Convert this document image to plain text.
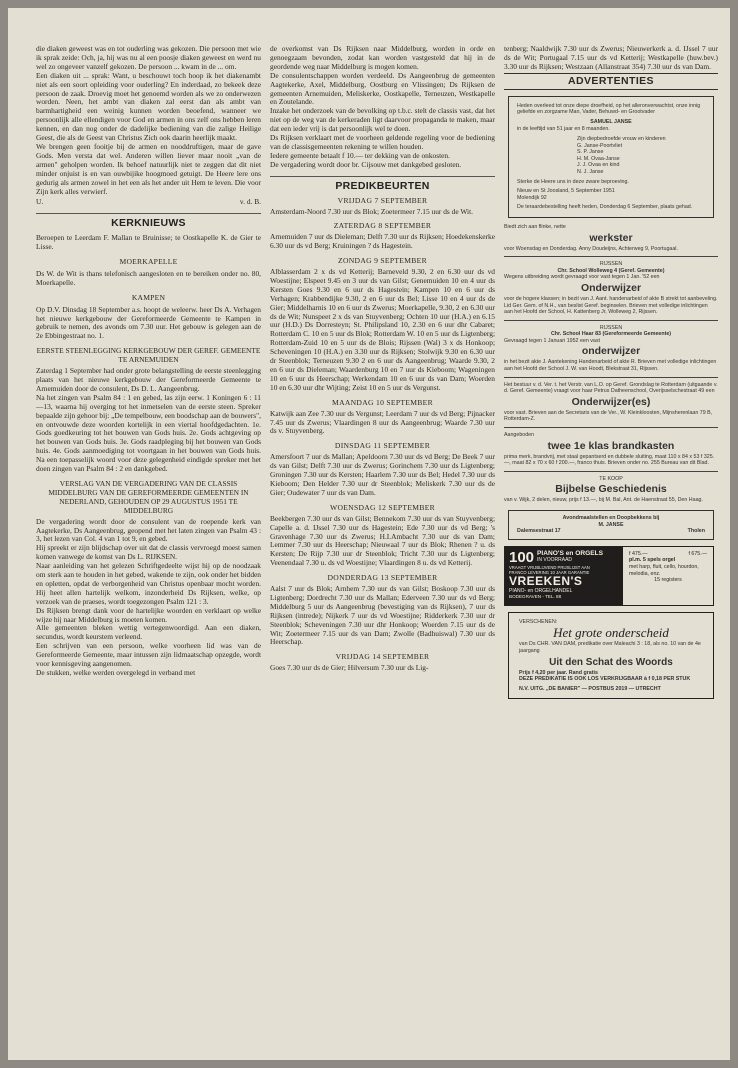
die diaken geweest was en tot ouderling was gekozen. Die persoon met wie ik sprak zeide: Och, ja, hij was nu al een poosje diaken geweest en werd nu wel zo ongeveer vanzelf gekozen. De persoon ... kwam in de ... om.

Een diaken uit ... sprak: Want, u beschouwt toch hoop ik het diakenambt niet als een soort opleiding voor ouderling? En inderdaad, zo bekeek deze persoon de zaak. Droevig moet het genoemd worden als we zo onderwezen worden. Neen, het ambt van diaken zal eerst dan als ambt van barmhartigheid een weinig kunnen worden beoefend, wanneer we persoonlijk alle ellendigen voor God en armen in ons zelf ons hebben leren kennen, en dan nog onder de dadelijke bediening van die zalige Heilige Geest, die als de Geest van Christus Zich ook daarin heerlijk maakt.

We brengen geen fooitje bij de armen en nooddruftigen, maar de gave Gods. Men versta dat wel. Anderen willen liever maar nooit „van de armen" geholpen worden. Ik behoef natuurlijk niet te zeggen dat dit niet minder onjuist is en van ouwbijike hoogmoed getuigt. De Heere lere ons gedurig als armen zowel in het een als het ander uit Hem te leven. Die voor Zijn kerk alles verwierf.

U.	v. d. B.
KERKNIEUWS

Beroepen te Leerdam F. Mallan te Bruinisse; te Oostkapelle K. de Gier te Lisse.

MOERKAPELLE

Ds W. de Wit is thans telefonisch aangesloten en te bereiken onder no. 80, Moerkapelle.

KAMPEN

Op D.V. Dinsdag 18 September a.s. hoopt de weleerw. heer Ds A. Verhagen het nieuwe kerkgebouw der Gereformeerde Gemeente te Kampen in gebruik te nemen, des avonds om 7.30 uur. Het gebouw is gelegen aan de 2e Ebbingestraat no. 1.

EERSTE STEENLEGGING KERKGEBOUW DER GEREF. GEMEENTE TE ARNEMUIDEN

Zaterdag 1 September had onder grote belangstelling de eerste steenlegging plaats van het nieuwe kerkgebouw der Gereformeerde Gemeente te Arnemuiden door de consulent, Ds D. L. Aangeenbrug.

Na het zingen van Psalm 84 : 1 en gebed, las zijn eerw. 1 Koningen 6 : 11—13, waarna hij overging tot het inmetselen van de eerste steen. Spreker bepaalde zijn gehoor bij: „De tempelbouw, een boodschap aan de bouwers", en ontvouwde deze woorden kortelijk in een viertal hoofdgedachten. 1e. Gods goedkeuring tot het bouwen van Gods huis. 2e. Gods achtgeving op het bouwen van Gods huis. 3e. Gods raadpleging bij het bouwen van Gods huis. 4e. Gods aanmoediging tot voortgaan in het bouwen van Gods huis. Na een toepasselijk woord voor deze gelegenheid eindigde spreker met het doen zingen van Psalm 84 : 2 en dankgebed.

VERSLAG VAN DE VERGADERING VAN DE CLASSIS MIDDELBURG VAN DE GEREFORMEERDE GEMEENTEN IN NEDERLAND, GEHOUDEN OP 29 AUGUSTUS 1951 TE MIDDELBURG

De vergadering wordt door de consulent van de roepende kerk van Aagtekerke, Ds Aangeenbrug, geopend met het laten zingen van Psalm 43 : 3, het lezen van Col. 4 van 1 tot 9, en gebed.

Hij spreekt er zijn blijdschap over uit dat de classis vervroegd moest samen komen vanwege de komst van Ds L. RIJKSEN.

Naar aanleiding van het gelezen Schriftgedeelte wijst hij op de noodzaak om sterk aan te houden in het gebed, wakende te zijn, ook onder het bidden en opletten, opdat de verborgenheid van Christus openbaar mocht worden. Hij heet allen hartelijk welkom, inzonderheid Ds Rijksen, welke, op verzoek van de praeses, wordt toegezongen Psalm 121 : 3.

Ds Rijksen brengt dank voor de hartelijke woorden en verklaart op welke wijze hij naar Middelburg is moeten komen.

Alle gemeenten bleken wettig vertegenwoordigd. Aan een diaken, secundus, wordt keurstem verleend.

Een schrijven van een persoon, welke voorheen lid was van de Gereformeerde Gemeente, maar intussen zijn lidmaatschap opzegde, wordt voor kennisgeving aangenomen.

De stukken, welke werden overgelegd in verband met

de overkomst van Ds Rijksen naar Middelburg, worden in orde en genoegzaam bevonden, zodat kan worden vastgesteld dat hij in de geordende weg naar Middelburg is mogen komen.

De consulentschappen worden verdeeld. Ds Aangeenbrug de gemeenten Aagtekerke, Axel, Middelburg, Oostburg en Vlissingen; Ds Rijksen de gemeenten Arnemuiden, Meliskerke, Oostkapelle, Terneuzen, Westkapelle en Zoutelande.

Inzake het onderzoek van de bevolking op t.b.c. stelt de classis vast, dat het niet op de weg van de kerkeraden ligt daarvoor propaganda te maken, maar dat een ieder vrij is dat persoonlijk wel te doen.

Ds Rijksen verklaart met de voorheen geldende regeling voor de bediening van de classisgemeenten rekening te willen houden.

Iedere gemeente betaalt f 10.— ter dekking van de onkosten.

De vergadering wordt door br. Cijsouw met dankgebed gesloten.

PREDIKBEURTEN
VRIJDAG 7 SEPTEMBER

Amsterdam-Noord 7.30 uur ds Blok; Zoetermeer 7.15 uur ds de Wit.

ZATERDAG 8 SEPTEMBER

Arnemuiden 7 uur ds Dieleman; Delft 7.30 uur ds Rijksen; Hoedekenskerke 6.30 uur ds vd Berg; Kruiningen ? ds Hagestein.

ZONDAG 9 SEPTEMBER

Alblasserdam 2 x ds vd Ketterij; Barneveld 9.30, 2 en 6.30 uur ds vd Woestijne; Elspeet 9.45 en 3 uur ds van Gilst; Genemuiden 10 en 4 uur ds Kersten Goes 9.30 en 6 uur ds Hagestein; Kampen 10 en 6 uur ds Verhagen; Krabbendijke 9.30, 2 en 6 uur ds Bel; Lisse 10 en 4 uur ds de Gier; Middelharnis 10 en 6 uur ds Zwerus; Moerkapelle, 9.30, 2 en 6.30 uur ds de Wit; Nunspeet 2 x ds van Stuyvenberg; Ochten 10 uur (H.A.) en 6.15 uur (H.D.) Ds Dorresteyn; St. Philipsland 10, 2.30 en 6 uur dhr Cabaret; Rotterdam C. 10 en 5 uur ds Blok; Rotterdam W. 10 en 5 uur ds Ligtenberg; Rotterdam-Zuid 10 en 5 uur ds de Blois; Rijssen (Wal) 3 x ds Honkoop; Scheveningen 10 (H.A.) en 3.30 uur ds Rijksen; Stolwijk 9.30 en 6.30 uur dr Steenblok; Terneuzen 9.30 2 en 6 uur ds Aangeenbrug; Waarde 9.30, 2 en 6 uur ds Dieleman; Waardenburg 10 en 7 uur ds Kieboom; Wageningen 10 en 6 uur ds Heerschap; Werkendam 10 en 6 uur ds van Dam; Woerden 10 en 6.30 uur dhr Wijting; Zeist 10 en 5 uur ds Vergunst.

MAANDAG 10 SEPTEMBER

Katwijk aan Zee 7.30 uur ds Vergunst; Leerdam 7 uur ds vd Berg; Pijnacker 7.45 uur ds Zwerus; Vlaardingen 8 uur ds Aangeenbrug; Waarde 7.30 uur ds v. Stuyvenberg.

DINSDAG 11 SEPTEMBER

Amersfoort 7 uur ds Mallan; Apeldoorn 7.30 uur ds vd Berg; De Beek 7 uur ds van Gilst; Delft 7.30 uur ds Zwerus; Gorinchem 7.30 uur ds Ligtenberg; Groningen 7.30 uur ds Kersten; Haarlem 7.30 uur ds Bel; Hedel 7.30 uur ds Kieboom; Den Helder 7.30 uur dr Steenblok; Meliskerk 7.30 uur ds de Gier; Oudewater 7 uur ds van Dam.

WOENSDAG 12 SEPTEMBER

Beekbergen 7.30 uur ds van Gilst; Bennekom 7.30 uur ds van Stuyvenberg; Capelle a. d. IJssel 7.30 uur ds Hagestein; Ede 7.30 uur ds vd Berg; 's Gravenhage 7.30 uur ds Zwerus; H.I.Ambacht 7.30 uur ds van Dam; Lemmer 7.30 uur ds Heerschap; Nieuwaal 7 uur ds Blok; Rhenen ? u. ds Kersten; De Rijp 7.30 uur dr Steenblok; Tricht 7.30 uur ds Ligtenberg; Veenendaal 7.30 u. ds vd Woestijne; Vlaardingen 8 u. ds vd Ketterij.

DONDERDAG 13 SEPTEMBER

Aalst 7 uur ds Blok; Arnhem 7.30 uur ds van Gilst; Boskoop 7.30 uur ds Ligtenberg; Dordrecht 7.30 uur ds Mallan; Ederveen 7.30 uur ds vd Berg; Middelburg 5 uur ds Aangeenbrug (bevestiging van ds Rijksen), 7 uur ds Rijksen (intrede); Nijkerk 7 uur ds vd Woestijne; Ridderkerk 7.30 uur dr Steenblok; Scheveningen 7.30 uur dhr Honkoop; Woerden 7.15 uur ds de Wit; Zoetermeer 7.15 uur ds van Dam; Zwolle (Badhuiswal) 7.30 uur ds Heerschap.

VRIJDAG 14 SEPTEMBER

Goes 7.30 uur ds de Gier; Hilversum 7.30 uur ds Lig-

tenberg; Naaldwijk 7.30 uur ds Zwerus; Nieuwerkerk a. d. IJssel 7 uur ds de Wit; Portugaal 7.15 uur ds vd Ketterij; Westkapelle (huw.bev.) 3.30 uur ds Rijksen; Westzaan (Allanstraat 354) 7.30 uur ds van Dam.

ADVERTENTIES
Heden overleed tot onze diepe droefheid, op het alleronverwachtst, onze innig geliefde en zorgzame Man, Vader, Behuwd- en Grootvader
SAMUEL JANSE
in de leeftijd van 51 jaar en 8 maanden.
Zijn diepbedroefde vrouw en kinderen
G. Janse-Poortvliet
S. P. Janse
H. M. Ovaa-Janse
J. J. Ovaa en kind
N. J. Janse
Sterke de Heere uns in deze zware beproeving.
Nieuw en St Joosland, 5 September 1951
Molendijk 92
De teraardebestelling heeft heden, Donderdag 6 September, plaats gehad.
Biedt zich aan flinke, nette
werkster
voor Woensdag en Donderdag. Anny Doudeijns, Achterweg 9, Poortugaal.
RIJSSEN
Chr. School Wolleweg 4 (Geref. Gemeente)
Wegens uitbreiding wordt gevraagd voor vast tegen 1 Jan. '52 een
Onderwijzer
voor de hogere klassen; in bezit van J. Aant. handenarbeid of akte B strekt tot aanbeveling. Lid Ger. Gem. of N.H., van beslist Geref. beginselen. Brieven met volledige inlichtingen aan het Hoofd der School, H. Kattenberg Jr, Wolleweg 2, Rijssen.
RIJSSEN
Chr. School Haar 83 (Gereformeerde Gemeente)
Gevraagd tegen 1 Januari 1952 een vast
onderwijzer
in het bezit akte J. Aantekening Handenarbeid of akte R. Brieven met volledige inlichtingen aan het Hoofd der School J. W. van Hoodt, Blekstraat 31, Rijssen.
Het bestuur v. d. Ver. t. het Verstr. van L.O. op Geref. Grondslag te Rotterdam (uitgaande v. d. Geref. Gemeente) vraagt voor haar Petrus Datheenschool, Overijsselschestraat 49 een
Onderwijzer(es)
voor vast. Brieven aan de Secretaris van de Ver., W. Kleinkloosten, Mijnsherenlaan 79 B, Rotterdam-Z.
Aangeboden
twee 1e klas brandkasten
prima merk, brandvrij, met staal gepantserd en dubbele sluiting, maat 110 x 84 x 53 f 325.—, maat 82 x 70 x 60 f 200.—, franco thuis. Brieven onder no. 255 Bureau van dit Blad.
TE KOOP
Bijbelse Geschiedenis
van v. Wijk, 2 delen, nieuw, prijs f 13.—, bij M. Bal, Ant. de Haenstraat 55, Den Haag.
Avondmaalstellen en Doopbekkens bij
M. JANSE
Dalemsestraat 17	Tholen
100 PIANO'S en ORGELS
IN VOORRAAD
VRAAGT VRIJBLIJVEND PRIJSLIJST AAN
FRANCO LEVERING 10 JAAR GARANTIE
VREEKEN'S
PIANO- en ORGELHANDEL
BODEGRAVEN - TEL. 88
f 475.—	f 675.—
pl.m. 5 spels orgel
met harp, fluit, cello, hourdon, melodia, enz.
15 registers
VERSCHENEN:
Het grote onderscheid
van Ds CHR. VAN DAM, predikatie over Maleachi 3 : 18, als no. 10 van de 4e jaargang
Uit den Schat des Woords
Prijs f 4,20 per jaar. Rand gratis
DEZE PREDIKATIE IS OOK LOS VERKRIJGBAAR à f 0,18 PER STUK
N.V. UITG. „DE BANIER" — POSTBUS 2019 — UTRECHT
